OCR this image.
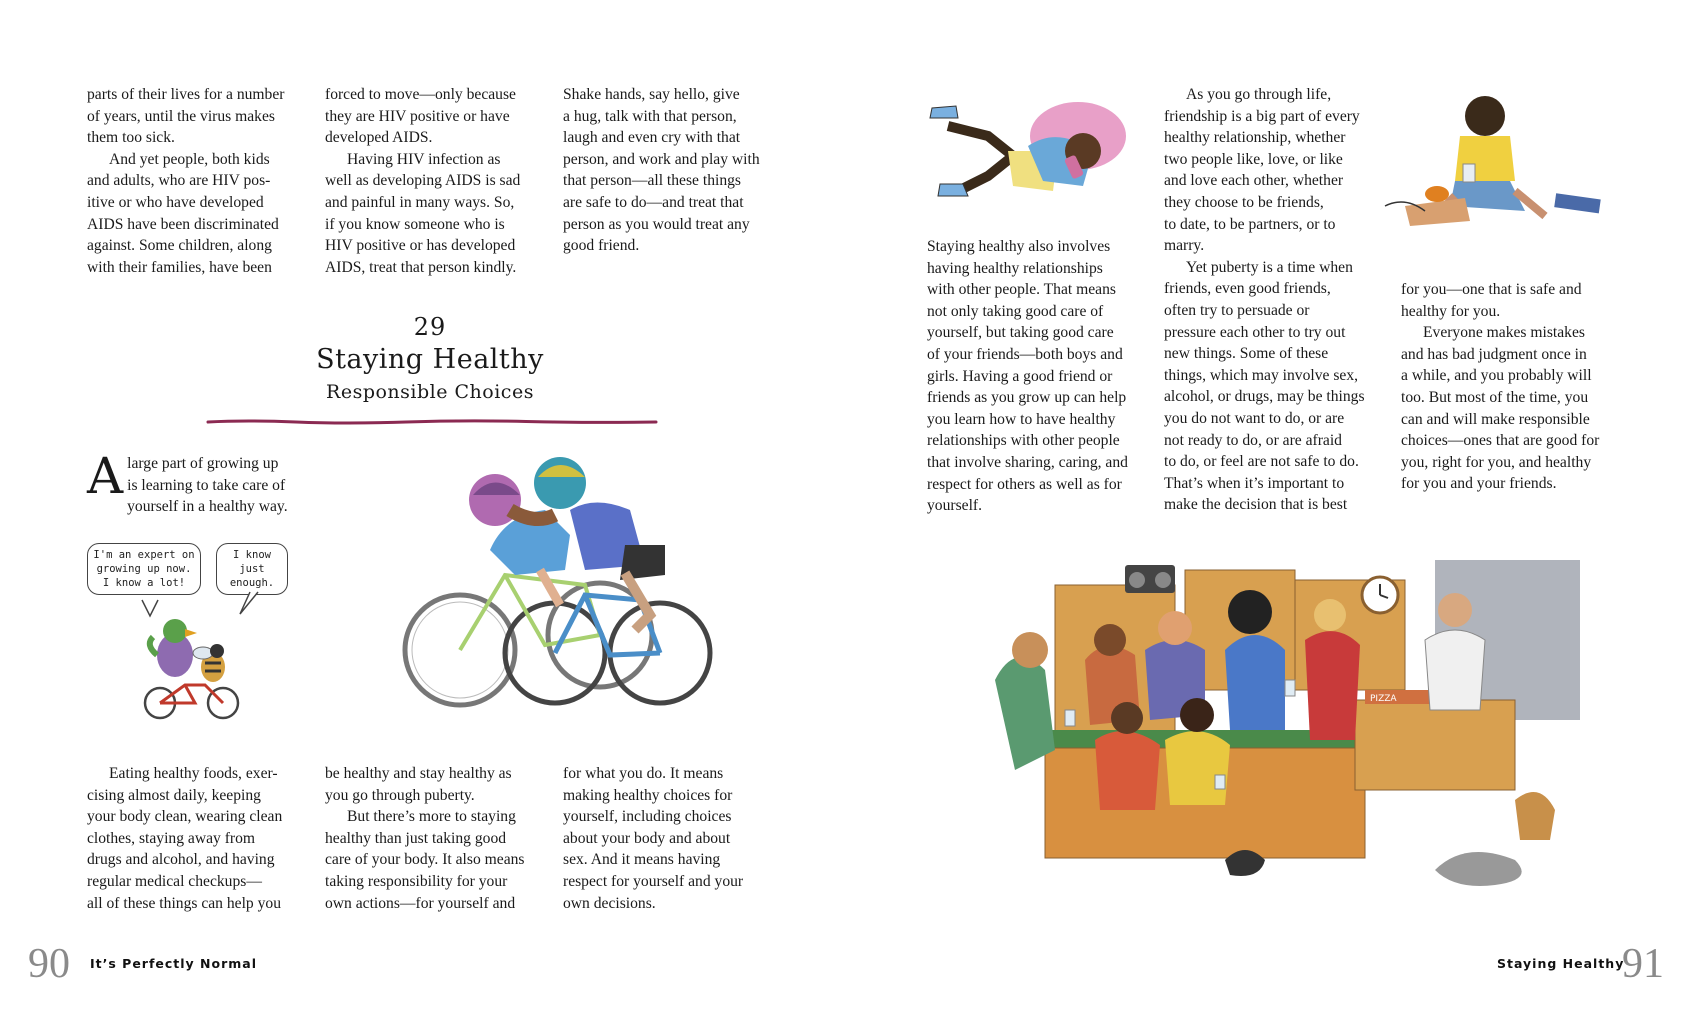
parts of their lives for a number
of years, until the virus makes
them too sick.

And yet people, both kids
and adults, who are HIV pos-
itive or who have developed
AIDS have been discriminated
against. Some children, along
with their families, have been

forced to move—only because
they are HIV positive or have
developed AIDS.

Having HIV infection as
well as developing AIDS is sad
and painful in many ways. So,
if you know someone who is
HIV positive or has developed
AIDS, treat that person kindly.

Shake hands, say hello, give
a hug, talk with that person,
laugh and even cry with that
person, and work and play with
that person—all these things
are safe to do—and treat that
person as you would treat any
good friend.

29
Staying Healthy
Responsible Choices
A large part of growing up
is learning to take care of
yourself in a healthy way.
I'm an expert on
growing up now.
I know a lot!
I know just
enough.

Eating healthy foods, exer-
cising almost daily, keeping
your body clean, wearing clean
clothes, staying away from
drugs and alcohol, and having
regular medical checkups—
all of these things can help you

be healthy and stay healthy as
you go through puberty.

But there’s more to staying
healthy than just taking good
care of your body. It also means
taking responsibility for your
own actions—for yourself and

for what you do. It means
making healthy choices for
yourself, including choices
about your body and about
sex. And it means having
respect for yourself and your
own decisions.

90 It’s Perfectly Normal

Staying healthy also involves
having healthy relationships
with other people. That means
not only taking good care of
yourself, but taking good care
of your friends—both boys and
girls. Having a good friend or
friends as you grow up can help
you learn how to have healthy
relationships with other people
that involve sharing, caring, and
respect for others as well as for
yourself.

As you go through life,
friendship is a big part of every
healthy relationship, whether
two people like, love, or like
and love each other, whether
they choose to be friends,
to date, to be partners, or to
marry.

Yet puberty is a time when
friends, even good friends,
often try to persuade or
pressure each other to try out
new things. Some of these
things, which may involve sex,
alcohol, or drugs, may be things
you do not want to do, or are
not ready to do, or are afraid
to do, or feel are not safe to do.
That’s when it’s important to
make the decision that is best

for you—one that is safe and
healthy for you.

Everyone makes mistakes
and has bad judgment once in
a while, and you probably will
too. But most of the time, you
can and will make responsible
choices—ones that are good for
you, right for you, and healthy
for you and your friends.

PIZZA
Staying Healthy
91
